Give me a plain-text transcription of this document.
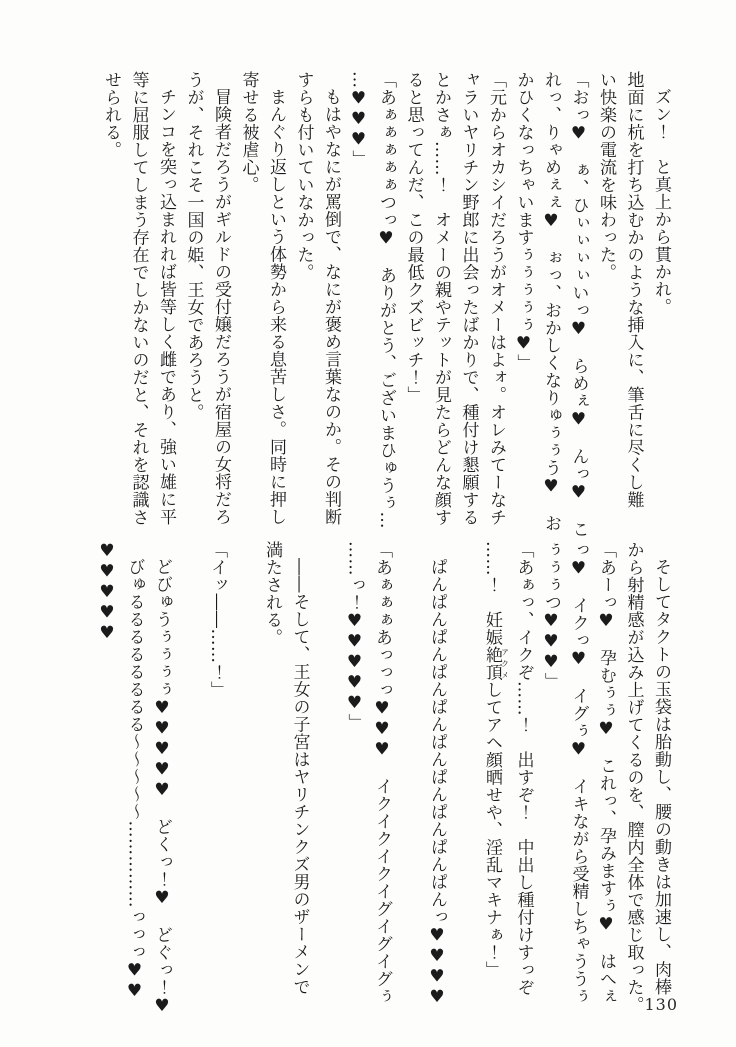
ズン！　と真上から貫かれ。

地面に杭を打ち込むかのような挿入に、筆舌に尽くし難

い快楽の電流を味わった。

「おっ♥　ぁ、ひぃぃぃぃいっ♥　らめぇ♥　んっ♥　こ

れっ、りゃめぇぇ♥　ぉっ、おかしくなりゅぅぅう♥　お

かひくなっちゃいますぅぅぅぅぅ♥」

「元からオカシイだろうがオメーはよォ。オレみてーなチ

ャラいヤリチン野郎に出会ったばかりで、種付け懇願する

とかさぁ……！　オメーの親やテットが見たらどんな顔す

ると思ってんだ、この最低クズビッチ！」

「あぁぁぁぁぁつっ♥　ありがとう、ございまひゅうぅ…

…♥♥♥」

もはやなにが罵倒で、なにが褒め言葉なのか。その判断

すらも付いていなかった。

まんぐり返しという体勢から来る息苦しさ。同時に押し

寄せる被虐心。

冒険者だろうがギルドの受付嬢だろうが宿屋の女将だろ

うが、それこそ一国の姫、王女であろうと。

チンコを突っ込まれれば皆等しく雌であり、強い雄に平

等に屈服してしまう存在でしかないのだと、それを認識さ

せられる。

そしてタクトの玉袋は胎動し、腰の動きは加速し、肉棒

から射精感が込み上げてくるのを、膣内全体で感じ取った。

「あーっ♥　孕むぅぅ♥　これっ、孕みますぅ♥　はへぇ

っ♥　イクっ♥　イグぅ♥　イキながら受精しちゃううぅ

ぅぅぅつ♥♥♥」

「あぁっ、イクぞ……！　出すぞ！　中出し種付けすっぞ

……！　妊娠絶頂アクメしてアヘ顔晒せや、淫乱マキナぁ！」

ぱんぱんぱんぱんぱんぱんぱんぱんぱんぱんっ♥♥♥♥

「あぁぁぁあっっっ♥♥♥　イクイクイクイグイグイグぅ

……っ！♥♥♥♥♥」

――そして、王女の子宮はヤリチンクズ男のザーメンで

満たされる。

「イッ――……！」

どびゅうぅぅぅぅ♥♥♥♥♥　どくっ！♥　どぐっ！♥

びゅるるるるるるるる～～～～～……………っっっ♥♥

♥♥♥♥♥

130
